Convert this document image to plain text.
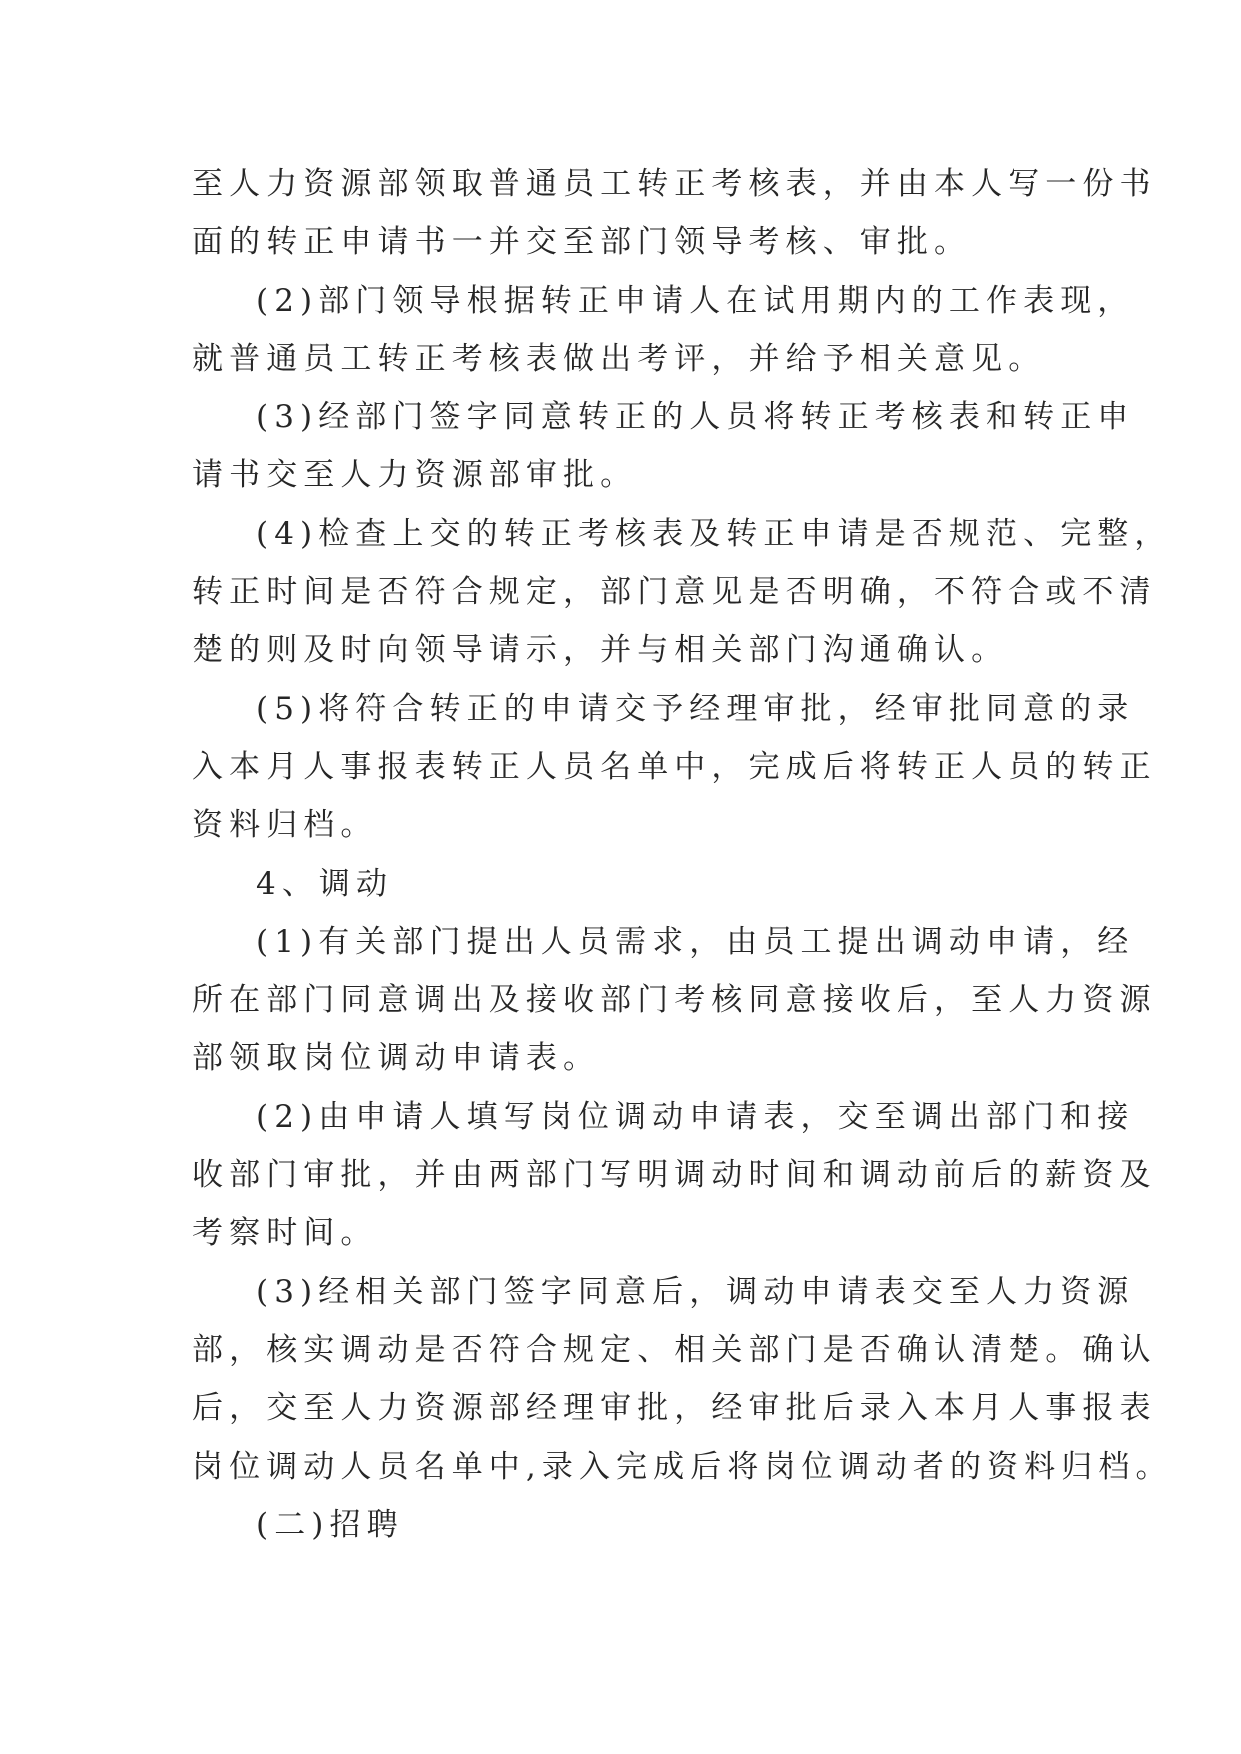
至人力资源部领取普通员工转正考核表，并由本人写一份书
面的转正申请书一并交至部门领导考核、审批。
(2)部门领导根据转正申请人在试用期内的工作表现，
就普通员工转正考核表做出考评，并给予相关意见。
(3)经部门签字同意转正的人员将转正考核表和转正申
请书交至人力资源部审批。
(4)检查上交的转正考核表及转正申请是否规范、完整，
转正时间是否符合规定，部门意见是否明确，不符合或不清
楚的则及时向领导请示，并与相关部门沟通确认。
(5)将符合转正的申请交予经理审批，经审批同意的录
入本月人事报表转正人员名单中，完成后将转正人员的转正
资料归档。
4、调动
(1)有关部门提出人员需求，由员工提出调动申请，经
所在部门同意调出及接收部门考核同意接收后，至人力资源
部领取岗位调动申请表。
(2)由申请人填写岗位调动申请表，交至调出部门和接
收部门审批，并由两部门写明调动时间和调动前后的薪资及
考察时间。
(3)经相关部门签字同意后，调动申请表交至人力资源
部，核实调动是否符合规定、相关部门是否确认清楚。确认
后，交至人力资源部经理审批，经审批后录入本月人事报表
岗位调动人员名单中,录入完成后将岗位调动者的资料归档。
(二)招聘
